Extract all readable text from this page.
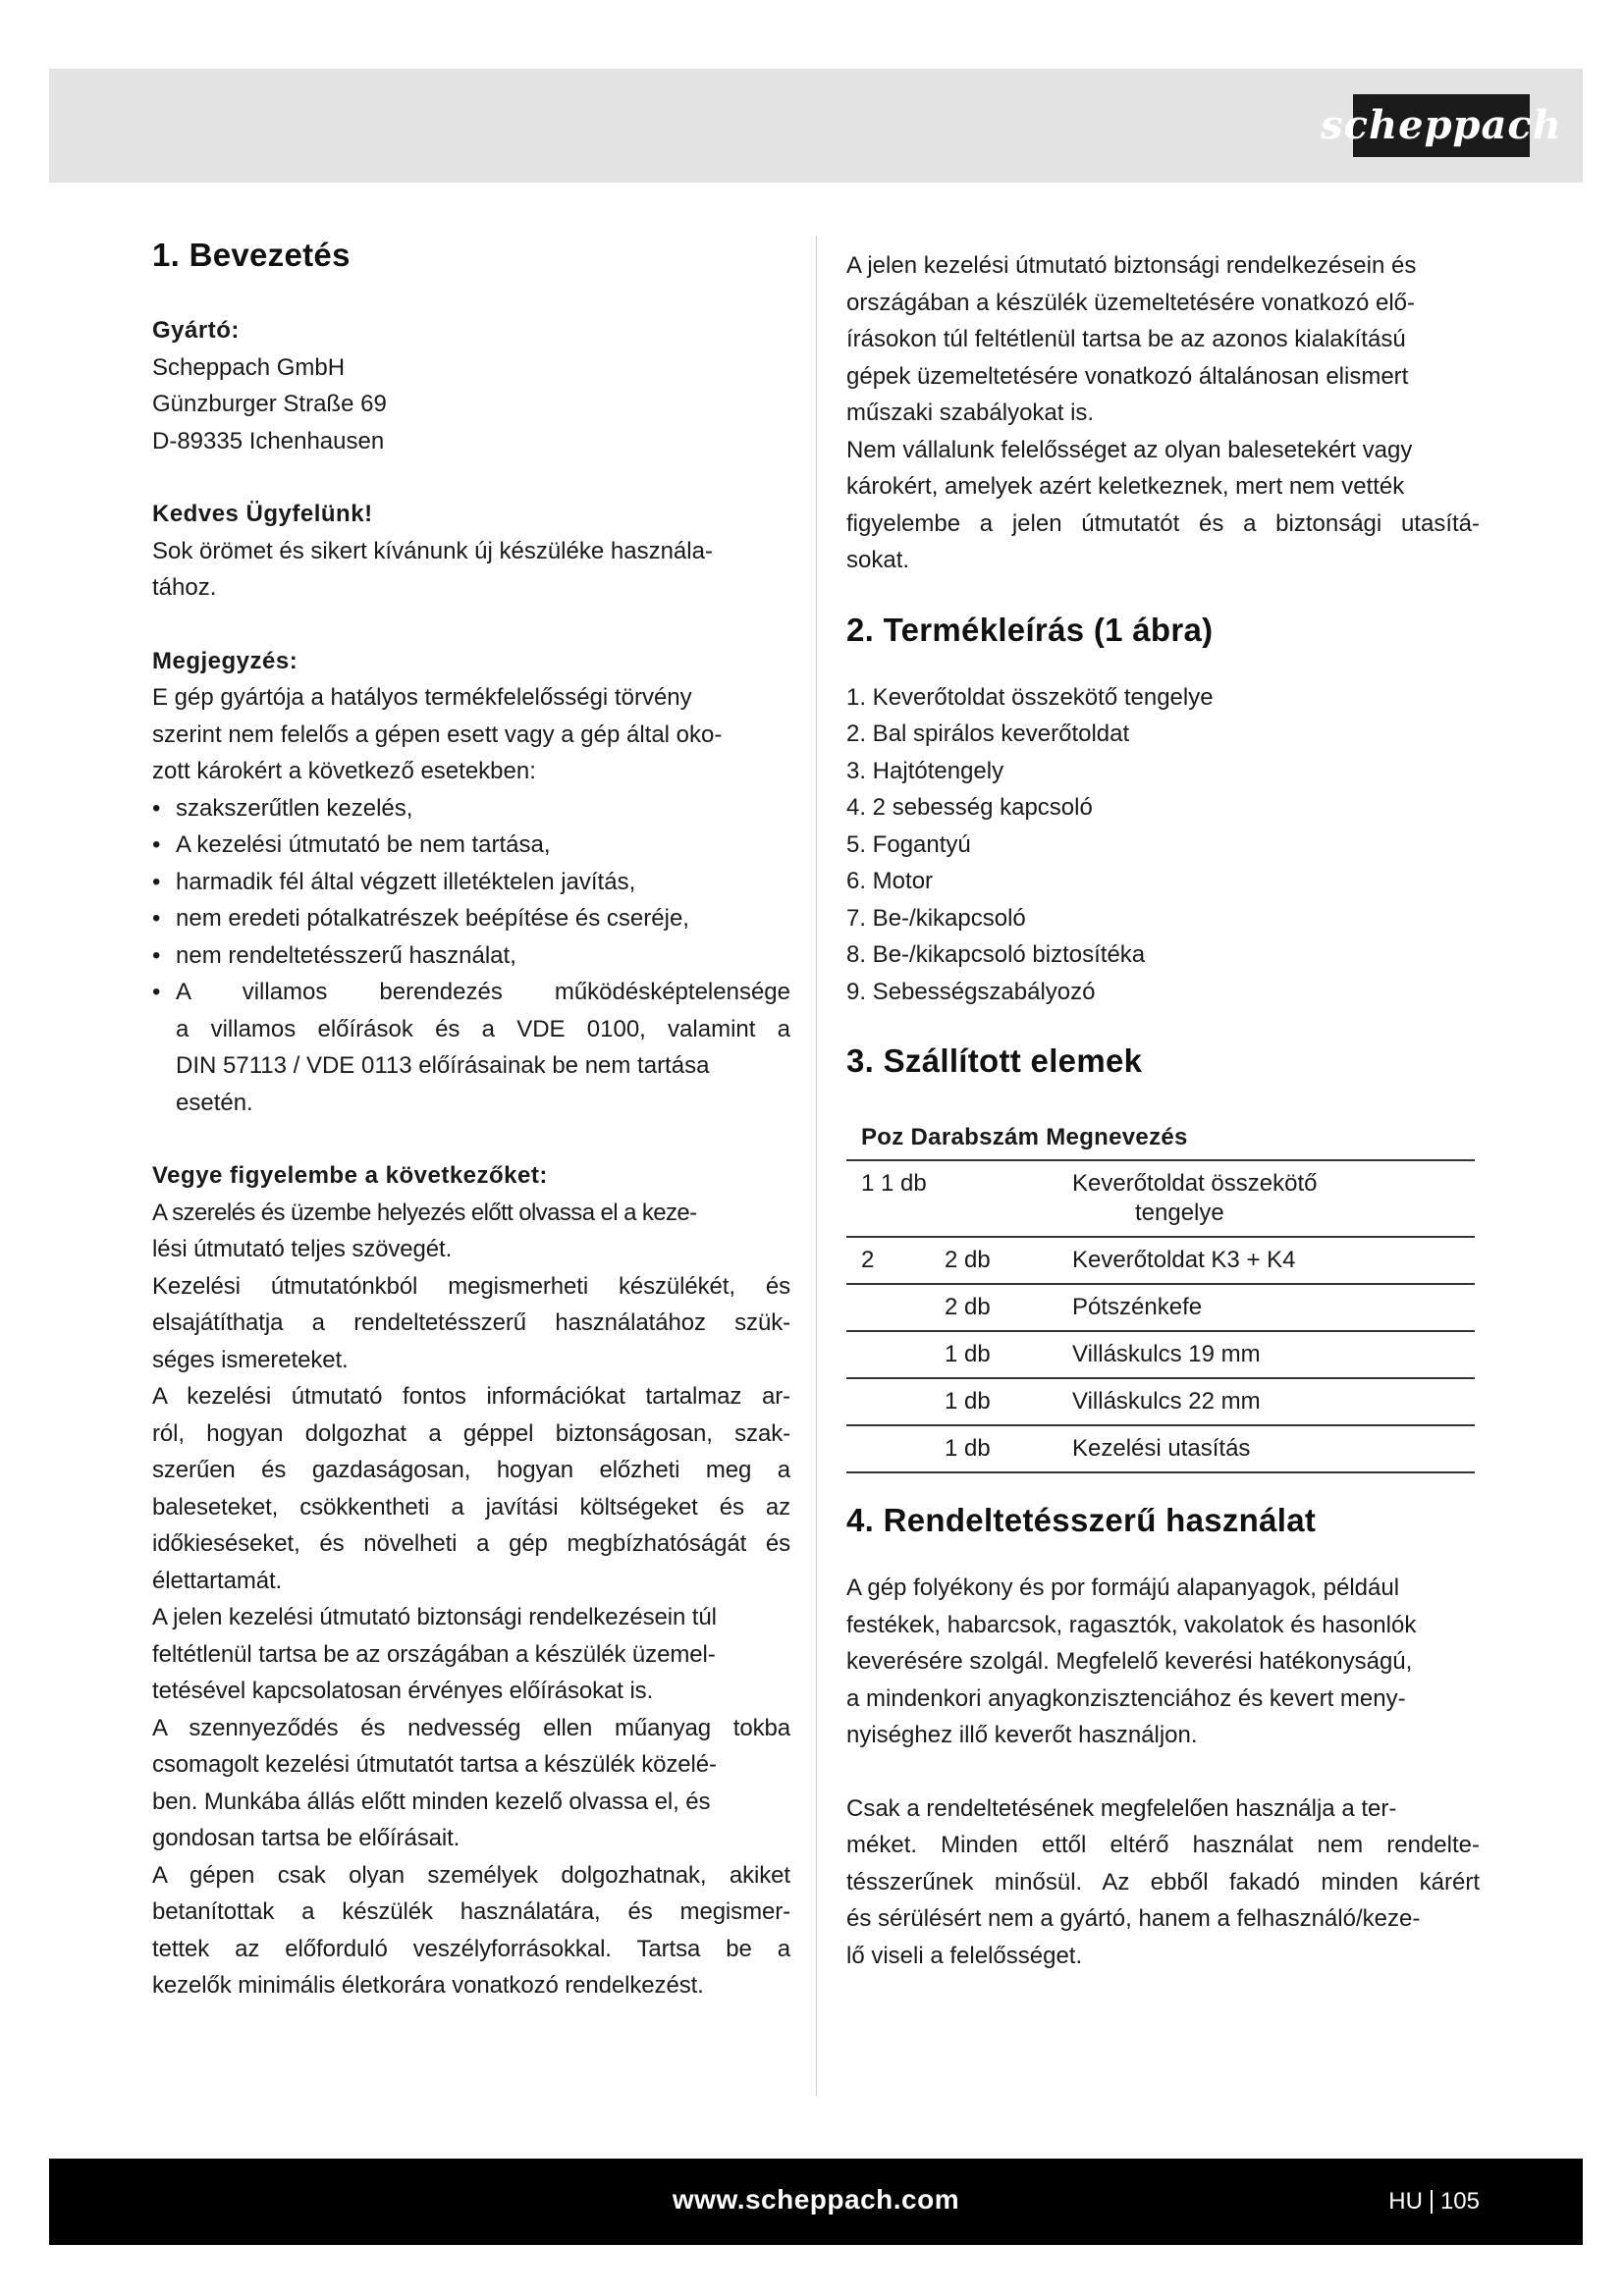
scheppach
1. Bevezetés
Gyártó:
Scheppach GmbH
Günzburger Straße 69
D-89335 Ichenhausen
Kedves Ügyfelünk!
Sok örömet és sikert kívánunk új készüléke használa-
tához.
Megjegyzés:
E gép gyártója a hatályos termékfelelősségi törvény
szerint nem felelős a gépen esett vagy a gép által oko-
zott károkért a következő esetekben:
• szakszerűtlen kezelés,
• A kezelési útmutató be nem tartása,
• harmadik fél által végzett illetéktelen javítás,
• nem eredeti pótalkatrészek beépítése és cseréje,
• nem rendeltetésszerű használat,
• A villamos berendezés működésképtelensége
a villamos előírások és a VDE 0100, valamint a
DIN 57113 / VDE 0113 előírásainak be nem tartása
esetén.
Vegye figyelembe a következőket:
A szerelés és üzembe helyezés előtt olvassa el a keze-
lési útmutató teljes szövegét.
Kezelési útmutatónkból megismerheti készülékét, és
elsajátíthatja a rendeltetésszerű használatához szük-
séges ismereteket.
A kezelési útmutató fontos információkat tartalmaz ar-
ról, hogyan dolgozhat a géppel biztonságosan, szak-
szerűen és gazdaságosan, hogyan előzheti meg a
baleseteket, csökkentheti a javítási költségeket és az
időkieséseket, és növelheti a gép megbízhatóságát és
élettartamát.
A jelen kezelési útmutató biztonsági rendelkezésein túl
feltétlenül tartsa be az országában a készülék üzemel-
tetésével kapcsolatosan érvényes előírásokat is.
A szennyeződés és nedvesség ellen műanyag tokba
csomagolt kezelési útmutatót tartsa a készülék közelé-
ben. Munkába állás előtt minden kezelő olvassa el, és
gondosan tartsa be előírásait.
A gépen csak olyan személyek dolgozhatnak, akiket
betanítottak a készülék használatára, és megismer-
tettek az előforduló veszélyforrásokkal. Tartsa be a
kezelők minimális életkorára vonatkozó rendelkezést.
A jelen kezelési útmutató biztonsági rendelkezésein és
országában a készülék üzemeltetésére vonatkozó elő-
írásokon túl feltétlenül tartsa be az azonos kialakítású
gépek üzemeltetésére vonatkozó általánosan elismert
műszaki szabályokat is.
Nem vállalunk felelősséget az olyan balesetekért vagy
károkért, amelyek azért keletkeznek, mert nem vették
figyelembe a jelen útmutatót és a biztonsági utasítá-
sokat.
2. Termékleírás (1 ábra)
1. Keverőtoldat összekötő tengelye
2. Bal spirálos keverőtoldat
3. Hajtótengely
4. 2 sebesség kapcsoló
5. Fogantyú
6. Motor
7. Be-/kikapcsoló
8. Be-/kikapcsoló biztosítéka
9. Sebességszabályozó
3. Szállított elemek
Poz Darabszám Megnevezés		
1 1 db		Keverőtoldat összekötő
tengelye

2	2 db	Keverőtoldat K3 + K4
	2 db	Pótszénkefe
	1 db	Villáskulcs 19 mm
	1 db	Villáskulcs 22 mm
	1 db	Kezelési utasítás
4. Rendeltetésszerű használat
A gép folyékony és por formájú alapanyagok, például
festékek, habarcsok, ragasztók, vakolatok és hasonlók
keverésére szolgál. Megfelelő keverési hatékonyságú,
a mindenkori anyagkonzisztenciához és kevert meny-
nyiséghez illő keverőt használjon.
Csak a rendeltetésének megfelelően használja a ter-
méket. Minden ettől eltérő használat nem rendelte-
tésszerűnek minősül. Az ebből fakadó minden kárért
és sérülésért nem a gyártó, hanem a felhasználó/keze-
lő viseli a felelősséget.
www.scheppach.com	HU 105
